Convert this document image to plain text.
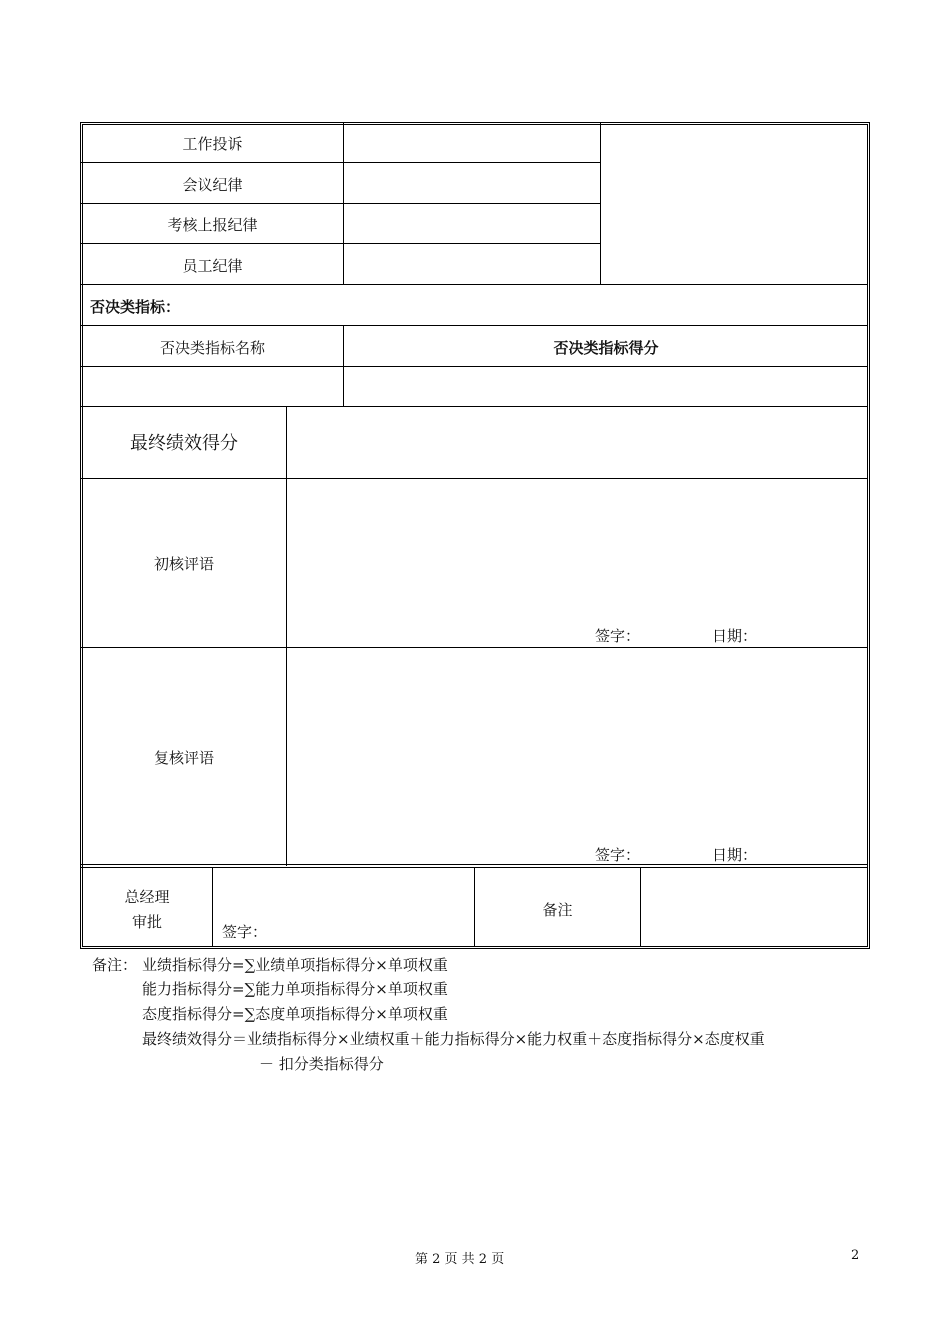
工作投诉
会议纪律
考核上报纪律
员工纪律
否决类指标：
否决类指标名称	否决类指标得分
最终绩效得分
初核评语
签字：	日期：
复核评语
签字：	日期：
总经理
审批
签字：
备注
备注： 业绩指标得分=∑业绩单项指标得分×单项权重
能力指标得分=∑能力单项指标得分×单项权重
态度指标得分=∑态度单项指标得分×单项权重
最终绩效得分＝业绩指标得分×业绩权重＋能力指标得分×能力权重＋态度指标得分×态度权重
－ 扣分类指标得分
第 2 页 共 2 页	2
